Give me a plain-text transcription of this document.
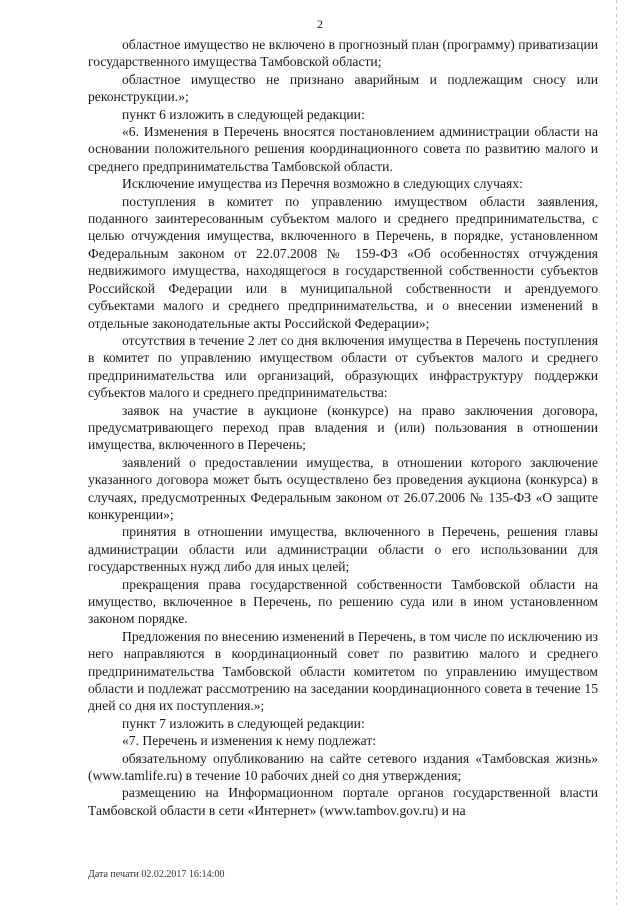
2

областное имущество не включено в прогнозный план (программу) приватизации государственного имущества Тамбовской области;

областное имущество не признано аварийным и подлежащим сносу или реконструкции.»;

пункт 6 изложить в следующей редакции:

«6. Изменения в Перечень вносятся постановлением администрации области на основании положительного решения координационного совета по развитию малого и среднего предпринимательства Тамбовской области.

Исключение имущества из Перечня возможно в следующих случаях:

поступления в комитет по управлению имуществом области заявления, поданного заинтересованным субъектом малого и среднего предпринимательства, с целью отчуждения имущества, включенного в Перечень, в порядке, установленном Федеральным законом от 22.07.2008 № 159-ФЗ «Об особенностях отчуждения недвижимого имущества, находящегося в государственной собственности субъектов Российской Федерации или в муниципальной собственности и арендуемого субъектами малого и среднего предпринимательства, и о внесении изменений в отдельные законодательные акты Российской Федерации»;

отсутствия в течение 2 лет со дня включения имущества в Перечень поступления в комитет по управлению имуществом области от субъектов малого и среднего предпринимательства или организаций, образующих инфраструктуру поддержки субъектов малого и среднего предпринимательства:

заявок на участие в аукционе (конкурсе) на право заключения договора, предусматривающего переход прав владения и (или) пользования в отношении имущества, включенного в Перечень;

заявлений о предоставлении имущества, в отношении которого заключение указанного договора может быть осуществлено без проведения аукциона (конкурса) в случаях, предусмотренных Федеральным законом от 26.07.2006 № 135-ФЗ «О защите конкуренции»;

принятия в отношении имущества, включенного в Перечень, решения главы администрации области или администрации области о его использовании для государственных нужд либо для иных целей;

прекращения права государственной собственности Тамбовской области на имущество, включенное в Перечень, по решению суда или в ином установленном законом порядке.

Предложения по внесению изменений в Перечень, в том числе по исключению из него направляются в координационный совет по развитию малого и среднего предпринимательства Тамбовской области комитетом по управлению имуществом области и подлежат рассмотрению на заседании координационного совета в течение 15 дней со дня их поступления.»;

пункт 7 изложить в следующей редакции:

«7. Перечень и изменения к нему подлежат:

обязательному опубликованию на сайте сетевого издания «Тамбовская жизнь» (www.tamlife.ru) в течение 10 рабочих дней со дня утверждения;

размещению на Информационном портале органов государственной власти Тамбовской области в сети «Интернет» (www.tambov.gov.ru) и на

Дата печати 02.02.2017 16:14:00
